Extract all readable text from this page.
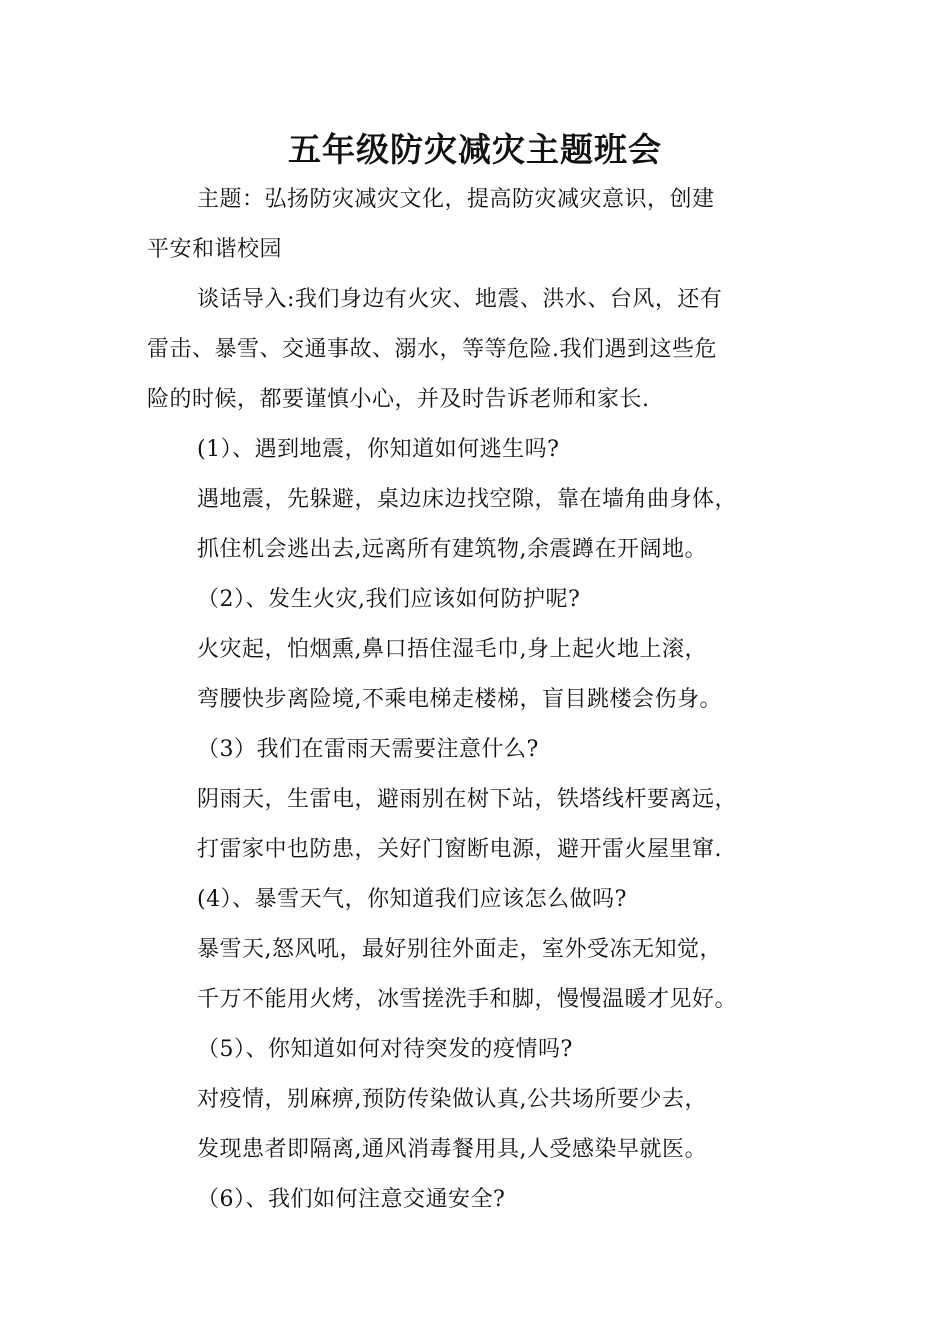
五年级防灾减灾主题班会
主题：弘扬防灾减灾文化，提高防灾减灾意识，创建
平安和谐校园
谈话导入:我们身边有火灾、地震、洪水、台风，还有
雷击、暴雪、交通事故、溺水，等等危险.我们遇到这些危
险的时候，都要谨慎小心，并及时告诉老师和家长.
(1）、遇到地震，你知道如何逃生吗?
遇地震，先躲避，桌边床边找空隙，靠在墙角曲身体，
抓住机会逃出去,远离所有建筑物,余震蹲在开阔地。
（2）、发生火灾,我们应该如何防护呢?
火灾起，怕烟熏,鼻口捂住湿毛巾,身上起火地上滚，
弯腰快步离险境,不乘电梯走楼梯，盲目跳楼会伤身。
（3）我们在雷雨天需要注意什么?
阴雨天，生雷电，避雨别在树下站，铁塔线杆要离远，
打雷家中也防患，关好门窗断电源，避开雷火屋里窜.
(4）、暴雪天气，你知道我们应该怎么做吗?
暴雪天,怒风吼，最好别往外面走，室外受冻无知觉，
千万不能用火烤，冰雪搓洗手和脚，慢慢温暖才见好。
（5）、你知道如何对待突发的疫情吗?
对疫情，别麻痹,预防传染做认真,公共场所要少去，
发现患者即隔离,通风消毒餐用具,人受感染早就医。
（6）、我们如何注意交通安全?
